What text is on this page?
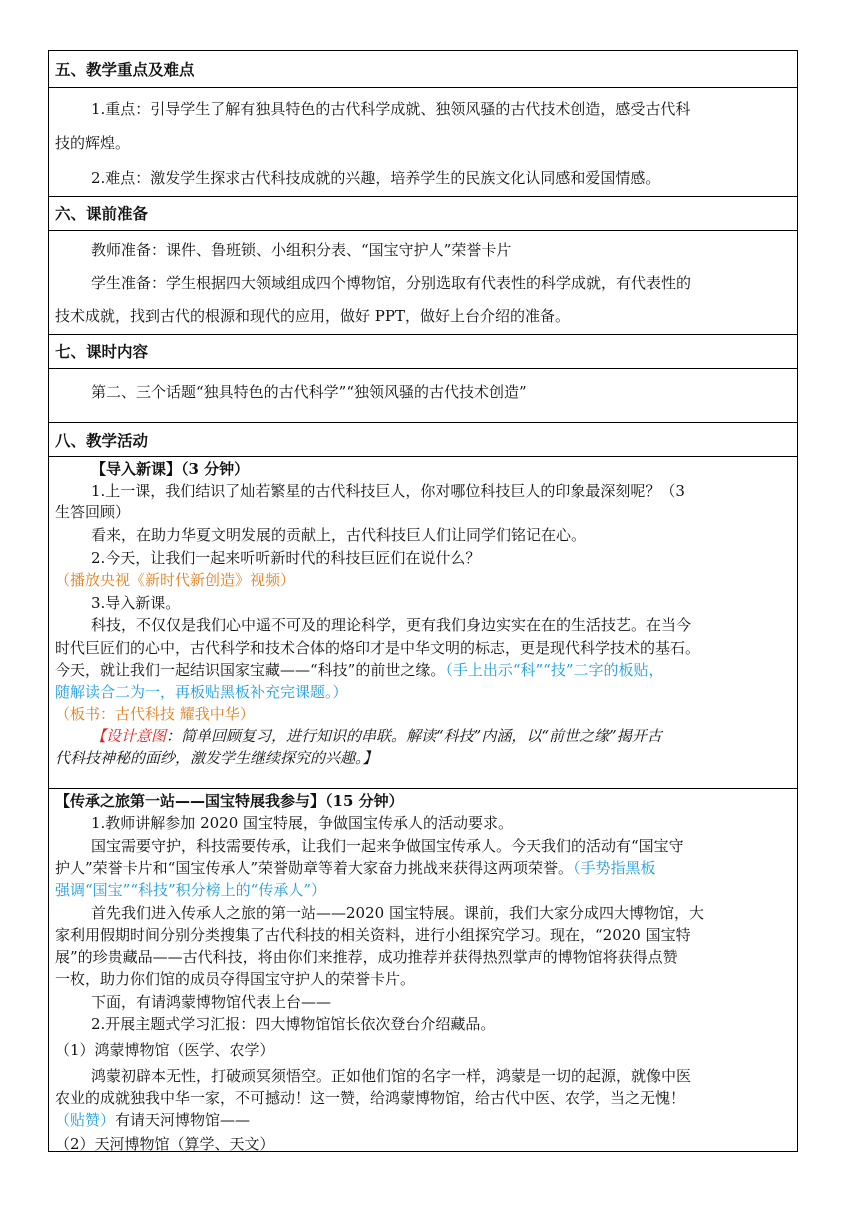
五、教学重点及难点
1.重点：引导学生了解有独具特色的古代科学成就、独领风骚的古代技术创造，感受古代科
技的辉煌。
2.难点：激发学生探求古代科技成就的兴趣，培养学生的民族文化认同感和爱国情感。
六、课前准备
教师准备：课件、鲁班锁、小组积分表、“国宝守护人”荣誉卡片
学生准备：学生根据四大领域组成四个博物馆，分别选取有代表性的科学成就，有代表性的
技术成就，找到古代的根源和现代的应用，做好 PPT，做好上台介绍的准备。
七、课时内容
第二、三个话题“独具特色的古代科学”“独领风骚的古代技术创造”
八、教学活动
【导入新课】（3 分钟）
1.上一课，我们结识了灿若繁星的古代科技巨人，你对哪位科技巨人的印象最深刻呢？（3
生答回顾）
看来，在助力华夏文明发展的贡献上，古代科技巨人们让同学们铭记在心。
2.今天，让我们一起来听听新时代的科技巨匠们在说什么？
（播放央视《新时代新创造》视频）
3.导入新课。
科技，不仅仅是我们心中遥不可及的理论科学，更有我们身边实实在在的生活技艺。在当今
时代巨匠们的心中，古代科学和技术合体的烙印才是中华文明的标志，更是现代科学技术的基石。
今天，就让我们一起结识国家宝藏——“科技”的前世之缘。（手上出示“科”“技”二字的板贴，
随解读合二为一，再板贴黑板补充完课题。）
（板书：古代科技 耀我中华）
【设计意图：简单回顾复习，进行知识的串联。解读“科技”内涵，以“前世之缘”揭开古
代科技神秘的面纱，激发学生继续探究的兴趣。】
【传承之旅第一站——国宝特展我参与】（15 分钟）
1.教师讲解参加 2020 国宝特展，争做国宝传承人的活动要求。
国宝需要守护，科技需要传承，让我们一起来争做国宝传承人。今天我们的活动有“国宝守
护人”荣誉卡片和“国宝传承人”荣誉勋章等着大家奋力挑战来获得这两项荣誉。（手势指黑板
强调“国宝”“科技”积分榜上的“传承人”）
首先我们进入传承人之旅的第一站——2020 国宝特展。课前，我们大家分成四大博物馆，大
家利用假期时间分别分类搜集了古代科技的相关资料，进行小组探究学习。现在，“2020 国宝特
展”的珍贵藏品——古代科技，将由你们来推荐，成功推荐并获得热烈掌声的博物馆将获得点赞
一枚，助力你们馆的成员夺得国宝守护人的荣誉卡片。
下面，有请鸿蒙博物馆代表上台——
2.开展主题式学习汇报：四大博物馆馆长依次登台介绍藏品。
（1）鸿蒙博物馆（医学、农学）
鸿蒙初辟本无性，打破顽冥须悟空。正如他们馆的名字一样，鸿蒙是一切的起源，就像中医
农业的成就独我中华一家，不可撼动！这一赞，给鸿蒙博物馆，给古代中医、农学，当之无愧！
（贴赞）有请天河博物馆——
（2）天河博物馆（算学、天文）
